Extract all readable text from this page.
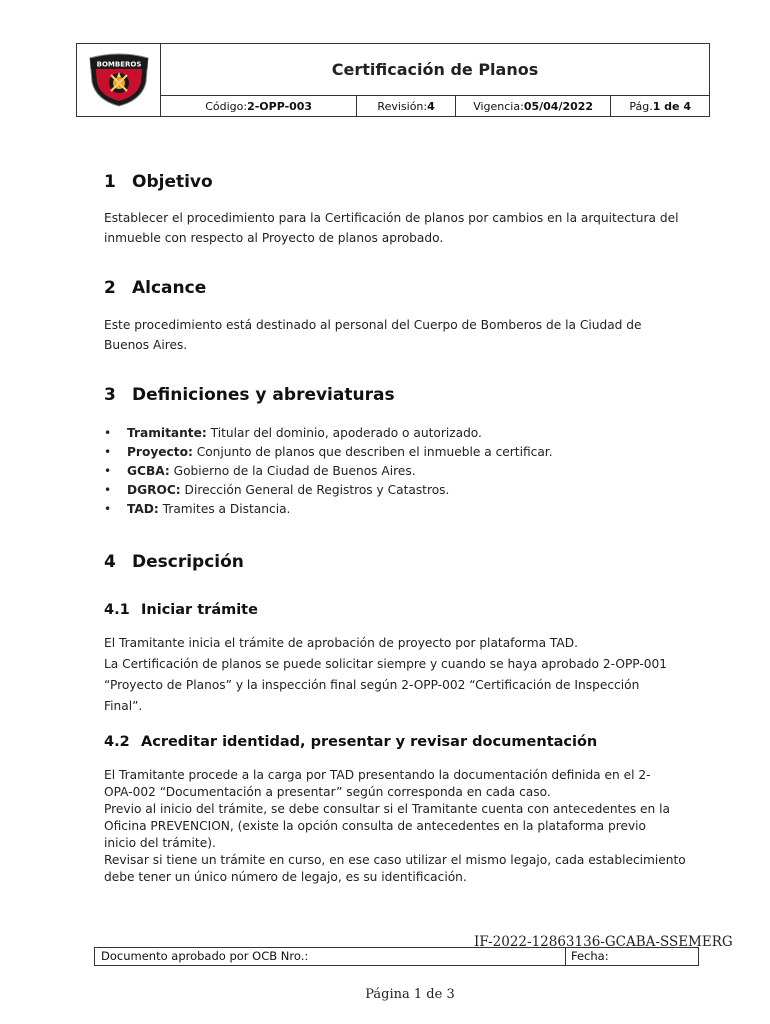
BOMBEROS	Certificación de Planos
Código: 2-OPP-003	Revisión: 4	Vigencia: 05/04/2022	Pág. 1 de 4
1 Objetivo
Establecer el procedimiento para la Certificación de planos por cambios en la arquitectura del
inmueble con respecto al Proyecto de planos aprobado.
2 Alcance
Este procedimiento está destinado al personal del Cuerpo de Bomberos de la Ciudad de
Buenos Aires.
3 Definiciones y abreviaturas
• Tramitante: Titular del dominio, apoderado o autorizado.
• Proyecto: Conjunto de planos que describen el inmueble a certificar.
• GCBA: Gobierno de la Ciudad de Buenos Aires.
• DGROC: Dirección General de Registros y Catastros.
• TAD: Tramites a Distancia.
4 Descripción
4.1 Iniciar trámite
El Tramitante inicia el trámite de aprobación de proyecto por plataforma TAD.
La Certificación de planos se puede solicitar siempre y cuando se haya aprobado 2-OPP-001
“Proyecto de Planos” y la inspección final según 2-OPP-002 “Certificación de Inspección
Final”.
4.2 Acreditar identidad, presentar y revisar documentación
El Tramitante procede a la carga por TAD presentando la documentación definida en el 2-
OPA-002 “Documentación a presentar” según corresponda en cada caso.
Previo al inicio del trámite, se debe consultar si el Tramitante cuenta con antecedentes en la
Oficina PREVENCION, (existe la opción consulta de antecedentes en la plataforma previo
inicio del trámite).
Revisar si tiene un trámite en curso, en ese caso utilizar el mismo legajo, cada establecimiento
debe tener un único número de legajo, es su identificación.
IF-2022-12863136-GCABA-SSEMERG
Documento aprobado por OCB Nro.:	Fecha:
Página 1 de 3
